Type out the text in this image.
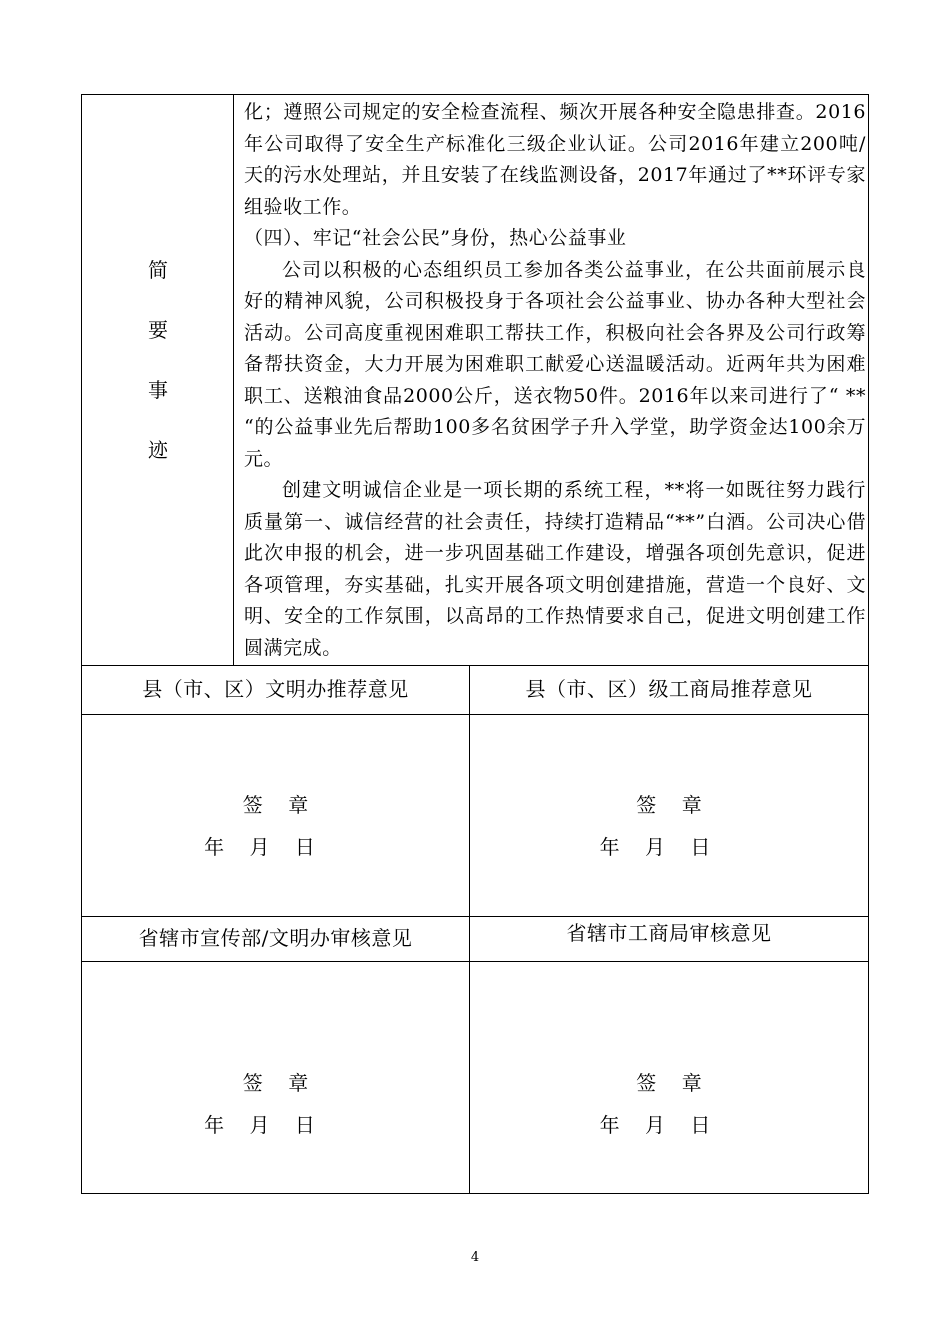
简
要
事
迹

化；遵照公司规定的安全检查流程、频次开展各种安全隐患排查。2016年公司取得了安全生产标准化三级企业认证。公司2016年建立200吨/天的污水处理站，并且安装了在线监测设备，2017年通过了**环评专家组验收工作。

（四）、牢记“社会公民”身份，热心公益事业

公司以积极的心态组织员工参加各类公益事业，在公共面前展示良好的精神风貌，公司积极投身于各项社会公益事业、协办各种大型社会活动。公司高度重视困难职工帮扶工作，积极向社会各界及公司行政筹备帮扶资金，大力开展为困难职工献爱心送温暖活动。近两年共为困难职工、送粮油食品2000公斤，送衣物50件。2016年以来司进行了“ ** “的公益事业先后帮助100多名贫困学子升入学堂，助学资金达100余万元。

创建文明诚信企业是一项长期的系统工程，**将一如既往努力践行质量第一、诚信经营的社会责任，持续打造精品“**”白酒。公司决心借此次申报的机会，进一步巩固基础工作建设，增强各项创先意识，促进各项管理，夯实基础，扎实开展各项文明创建措施，营造一个良好、文明、安全的工作氛围，以高昂的工作热情要求自己，促进文明创建工作圆满完成。

县（市、区）文明办推荐意见	县（市、区）级工商局推荐意见
签    章
年    月    日
签    章
年    月    日
省辖市宣传部/文明办审核意见	省辖市工商局审核意见
签    章
年    月    日
签    章
年    月    日
4
